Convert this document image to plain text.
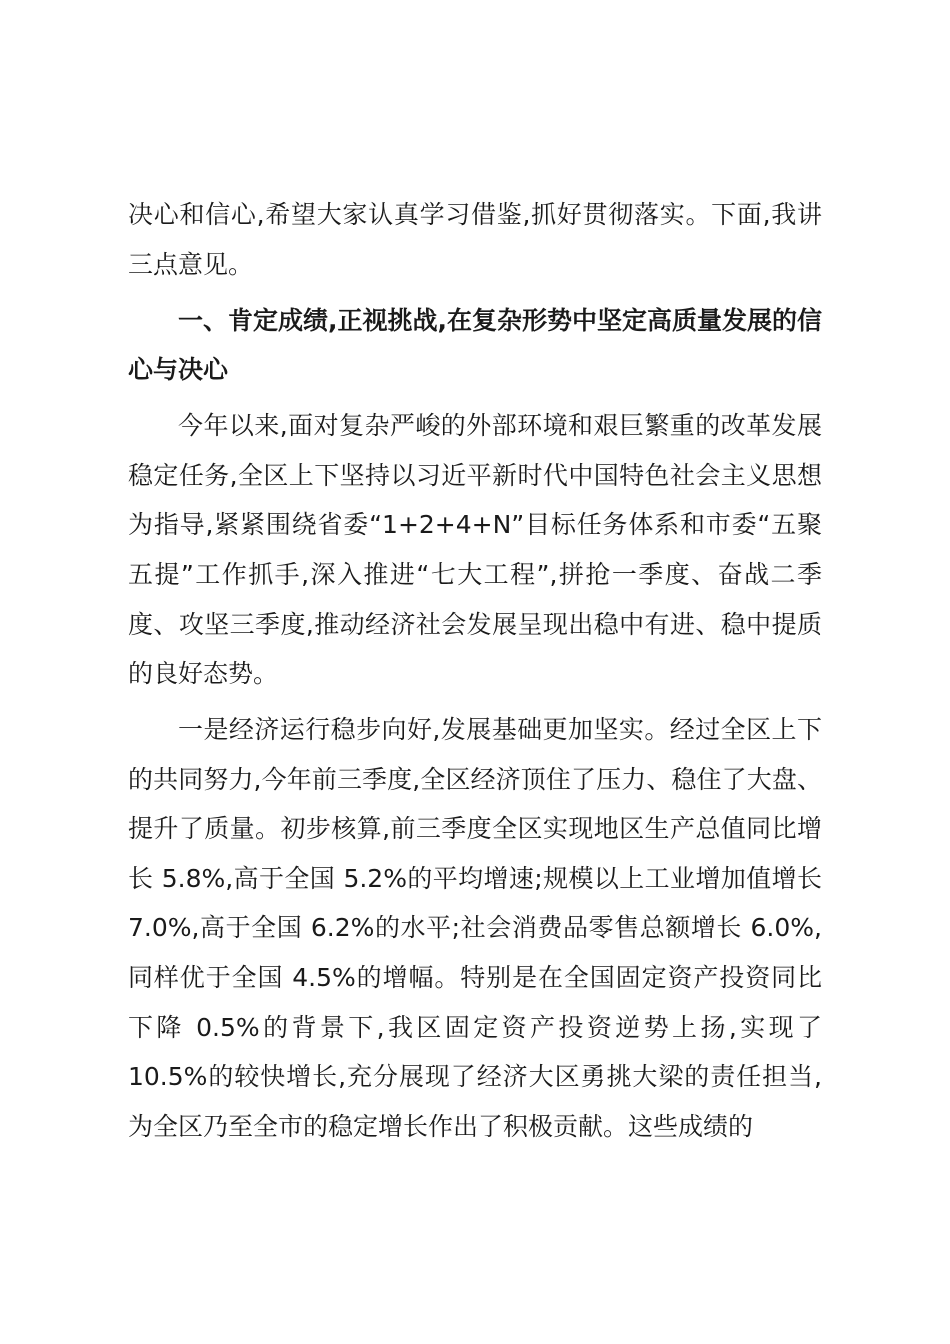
决心和信心,希望大家认真学习借鉴,抓好贯彻落实。下面,我讲三点意见。

一、肯定成绩,正视挑战,在复杂形势中坚定高质量发展的信心与决心

今年以来,面对复杂严峻的外部环境和艰巨繁重的改革发展稳定任务,全区上下坚持以习近平新时代中国特色社会主义思想为指导,紧紧围绕省委“1+2+4+N”目标任务体系和市委“五聚五提”工作抓手,深入推进“七大工程”,拼抢一季度、奋战二季度、攻坚三季度,推动经济社会发展呈现出稳中有进、稳中提质的良好态势。

一是经济运行稳步向好,发展基础更加坚实。经过全区上下的共同努力,今年前三季度,全区经济顶住了压力、稳住了大盘、提升了质量。初步核算,前三季度全区实现地区生产总值同比增长 5.8%,高于全国 5.2%的平均增速;规模以上工业增加值增长 7.0%,高于全国 6.2%的水平;社会消费品零售总额增长 6.0%,同样优于全国 4.5%的增幅。特别是在全国固定资产投资同比下降 0.5%的背景下,我区固定资产投资逆势上扬,实现了 10.5%的较快增长,充分展现了经济大区勇挑大梁的责任担当,为全区乃至全市的稳定增长作出了积极贡献。这些成绩的
